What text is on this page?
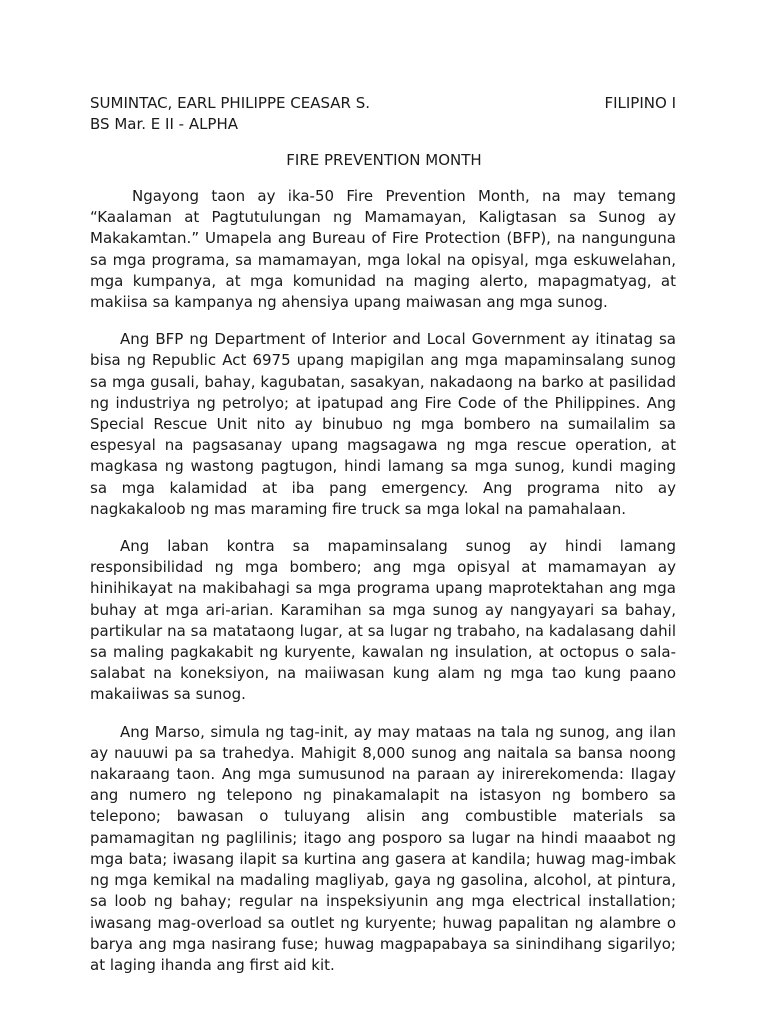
SUMINTAC, EARL PHILIPPE CEASAR S.	FILIPINO I
BS Mar. E II - ALPHA
FIRE PREVENTION MONTH

Ngayong taon ay ika-50 Fire Prevention Month, na may temang “Kaalaman at Pagtutulungan ng Mamamayan, Kaligtasan sa Sunog ay Makakamtan.” Umapela ang Bureau of Fire Protection (BFP), na nangunguna sa mga programa, sa mamamayan, mga lokal na opisyal, mga eskuwelahan, mga kumpanya, at mga komunidad na maging alerto, mapagmatyag, at makiisa sa kampanya ng ahensiya upang maiwasan ang mga sunog.

Ang BFP ng Department of Interior and Local Government ay itinatag sa bisa ng Republic Act 6975 upang mapigilan ang mga mapaminsalang sunog sa mga gusali, bahay, kagubatan, sasakyan, nakadaong na barko at pasilidad ng industriya ng petrolyo; at ipatupad ang Fire Code of the Philippines. Ang Special Rescue Unit nito ay binubuo ng mga bombero na sumailalim sa espesyal na pagsasanay upang magsagawa ng mga rescue operation, at magkasa ng wastong pagtugon, hindi lamang sa mga sunog, kundi maging sa mga kalamidad at iba pang emergency. Ang programa nito ay nagkakaloob ng mas maraming fire truck sa mga lokal na pamahalaan.

Ang laban kontra sa mapaminsalang sunog ay hindi lamang responsibilidad ng mga bombero; ang mga opisyal at mamamayan ay hinihikayat na makibahagi sa mga programa upang maprotektahan ang mga buhay at mga ari-arian. Karamihan sa mga sunog ay nangyayari sa bahay, partikular na sa matataong lugar, at sa lugar ng trabaho, na kadalasang dahil sa maling pagkakabit ng kuryente, kawalan ng insulation, at octopus o sala-salabat na koneksiyon, na maiiwasan kung alam ng mga tao kung paano makaiiwas sa sunog.

Ang Marso, simula ng tag-init, ay may mataas na tala ng sunog, ang ilan ay nauuwi pa sa trahedya. Mahigit 8,000 sunog ang naitala sa bansa noong nakaraang taon. Ang mga sumusunod na paraan ay inirerekomenda: Ilagay ang numero ng telepono ng pinakamalapit na istasyon ng bombero sa telepono; bawasan o tuluyang alisin ang combustible materials sa pamamagitan ng paglilinis; itago ang posporo sa lugar na hindi maaabot ng mga bata; iwasang ilapit sa kurtina ang gasera at kandila; huwag mag-imbak ng mga kemikal na madaling magliyab, gaya ng gasolina, alcohol, at pintura, sa loob ng bahay; regular na inspeksiyunin ang mga electrical installation; iwasang mag-overload sa outlet ng kuryente; huwag papalitan ng alambre o barya ang mga nasirang fuse; huwag magpapabaya sa sinindihang sigarilyo; at laging ihanda ang first aid kit.
